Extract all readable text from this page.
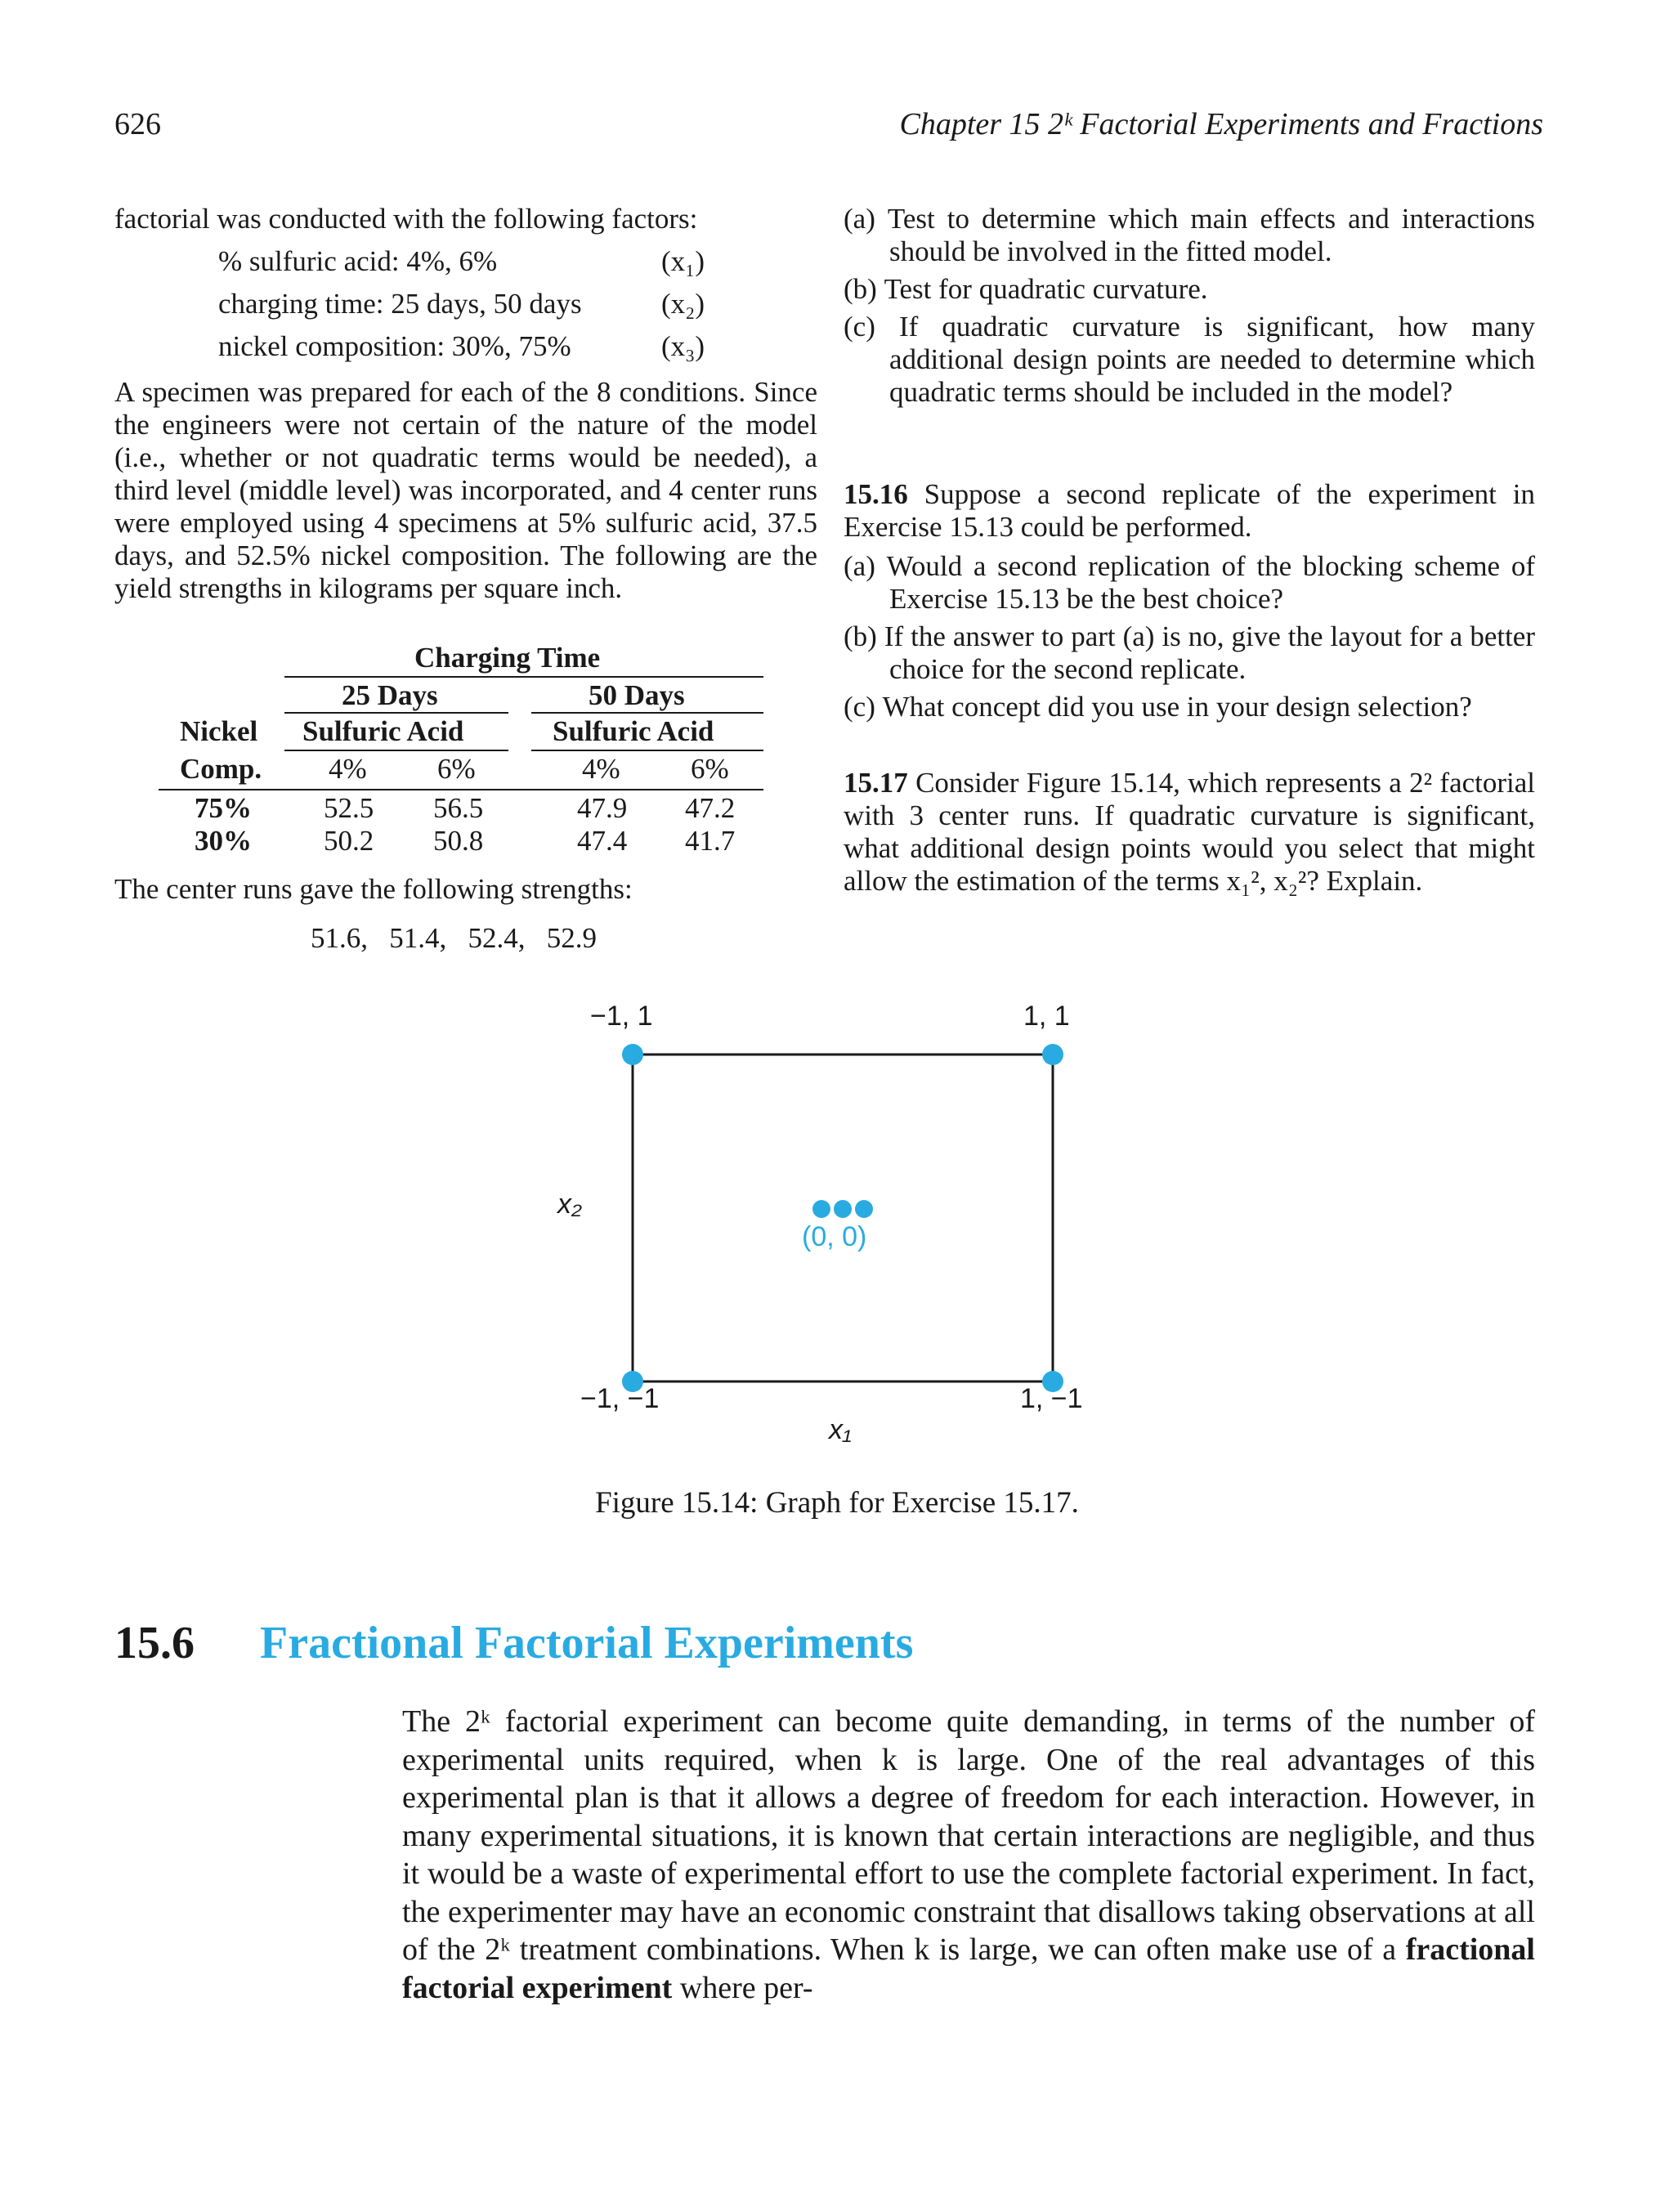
626	Chapter 15 2ᵏ Factorial Experiments and Fractions

factorial was conducted with the following factors:

% sulfuric acid: 4%, 6%	(x₁)
charging time: 25 days, 50 days	(x₂)
nickel composition: 30%, 75%	(x₃)

A specimen was prepared for each of the 8 conditions. Since the engineers were not certain of the nature of the model (i.e., whether or not quadratic terms would be needed), a third level (middle level) was incorporated, and 4 center runs were employed using 4 specimens at 5% sulfuric acid, 37.5 days, and 52.5% nickel composition. The following are the yield strengths in kilograms per square inch.

Charging Time
25 Days	50 Days
Nickel Sulfuric Acid	Sulfuric Acid
Comp. 4% 6%	4% 6%
75%	52.5 56.5	47.9 47.2
30%	50.2 50.8	47.4 41.7

The center runs gave the following strengths:

51.6,   51.4,   52.4,   52.9

(a) Test to determine which main effects and interactions should be involved in the fitted model.

(b) Test for quadratic curvature.

(c) If quadratic curvature is significant, how many additional design points are needed to determine which quadratic terms should be included in the model?

15.16 Suppose a second replicate of the experiment in Exercise 15.13 could be performed.

(a) Would a second replication of the blocking scheme of Exercise 15.13 be the best choice?

(b) If the answer to part (a) is no, give the layout for a better choice for the second replicate.

(c) What concept did you use in your design selection?

15.17 Consider Figure 15.14, which represents a 2² factorial with 3 center runs. If quadratic curvature is significant, what additional design points would you select that might allow the estimation of the terms x₁², x₂²? Explain.

−1, 1	1, 1
−1, −1	1, −1
(0, 0)
x₁
x₂
Figure 15.14: Graph for Exercise 15.17.
15.6 Fractional Factorial Experiments
The 2ᵏ factorial experiment can become quite demanding, in terms of the number of experimental units required, when k is large. One of the real advantages of this experimental plan is that it allows a degree of freedom for each interaction. However, in many experimental situations, it is known that certain interactions are negligible, and thus it would be a waste of experimental effort to use the complete factorial experiment. In fact, the experimenter may have an economic constraint that disallows taking observations at all of the 2ᵏ treatment combinations. When k is large, we can often make use of a fractional factorial experiment where per-
